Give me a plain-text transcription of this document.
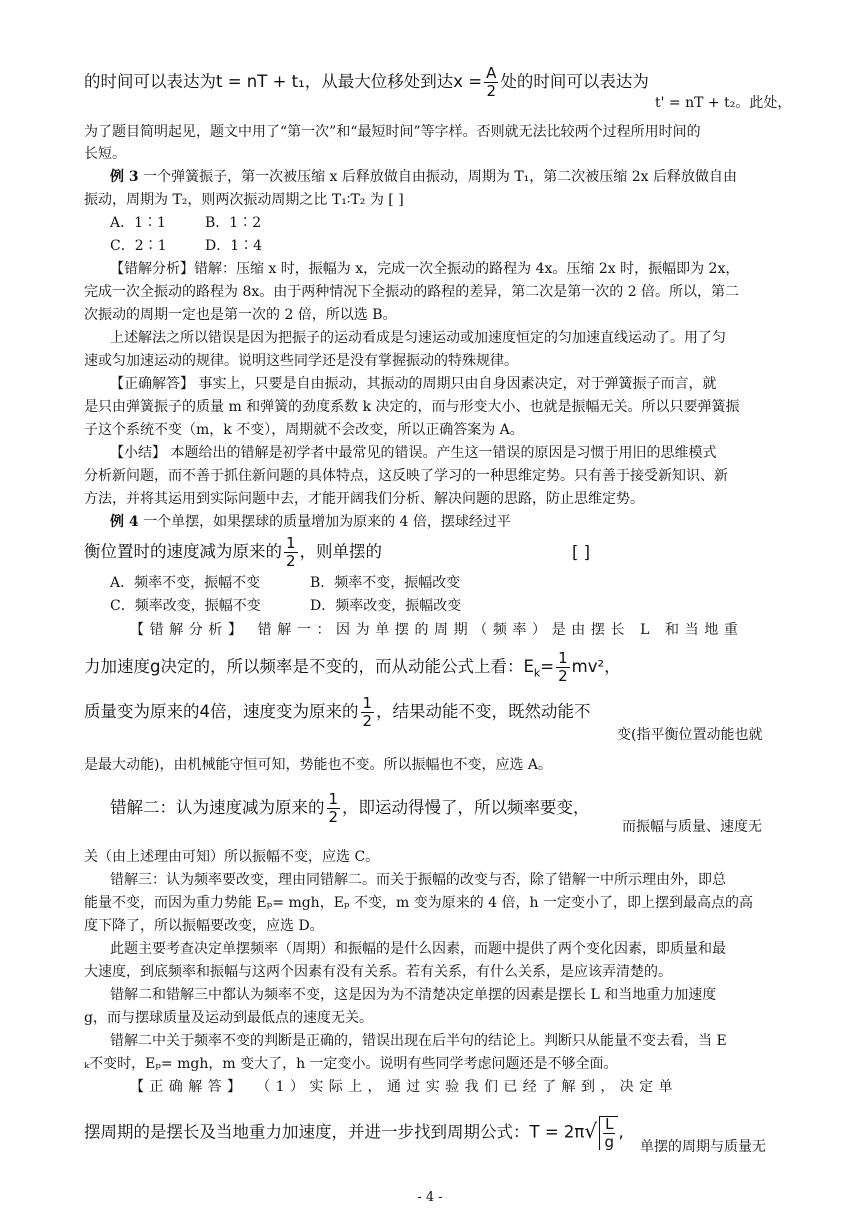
的时间可以表达为t = nT + t₁，从最大位移处到达$x = \frac{A}{2}$ 处的时间可以表达为
t' = nT + t₂。此处，
为了题目简明起见，题文中用了“第一次”和“最短时间”等字样。否则就无法比较两个过程所用时间的
长短。
例 3 一个弹簧振子，第一次被压缩 x 后释放做自由振动，周期为 T₁，第二次被压缩 2x 后释放做自由
振动，周期为 T₂，则两次振动周期之比 T₁∶T₂ 为 [ ]
A．1∶1	B．1∶2
C．2∶1	D．1∶4
【错解分析】错解：压缩 x 时，振幅为 x，完成一次全振动的路程为 4x。压缩 2x 时，振幅即为 2x，
完成一次全振动的路程为 8x。由于两种情况下全振动的路程的差异，第二次是第一次的 2 倍。所以，第二
次振动的周期一定也是第一次的 2 倍，所以选 B。
上述解法之所以错误是因为把振子的运动看成是匀速运动或加速度恒定的匀加速直线运动了。用了匀
速或匀加速运动的规律。说明这些同学还是没有掌握振动的特殊规律。
【正确解答】 事实上，只要是自由振动，其振动的周期只由自身因素决定，对于弹簧振子而言，就
是只由弹簧振子的质量 m 和弹簧的劲度系数 k 决定的，而与形变大小、也就是振幅无关。所以只要弹簧振
子这个系统不变（m，k 不变），周期就不会改变，所以正确答案为 A。
【小结】 本题给出的错解是初学者中最常见的错误。产生这一错误的原因是习惯于用旧的思维模式
分析新问题，而不善于抓住新问题的具体特点，这反映了学习的一种思维定势。只有善于接受新知识、新
方法，并将其运用到实际问题中去，才能开阔我们分析、解决问题的思路，防止思维定势。
例 4 一个单摆，如果摆球的质量增加为原来的 4 倍，摆球经过平
衡位置时的速度减为原来的 $\frac{1}{2}$ ，则单摆的	[ ]
A．频率不变，振幅不变	B．频率不变，振幅改变
C．频率改变，振幅不变	D．频率改变，振幅改变
【错解分析】 错解一：因为单摆的周期（频率）是由摆长 L 和当地重
力加速度g决定的，所以频率是不变的，而从动能公式上看：$E_k= \frac{1}{2} mv^2$，
质量变为原来的4倍，速度变为原来的 $\frac{1}{2}$ ，结果动能不变，既然动能不
变(指平衡位置动能也就
是最大动能)，由机械能守恒可知，势能也不变。所以振幅也不变，应选 A。
错解二：认为速度减为原来的 $\frac{1}{2}$ ，即运动得慢了，所以频率要变，
而振幅与质量、速度无
关（由上述理由可知）所以振幅不变，应选 C。
错解三：认为频率要改变，理由同错解二。而关于振幅的改变与否，除了错解一中所示理由外，即总
能量不变，而因为重力势能 Eₚ= mgh，Eₚ 不变，m 变为原来的 4 倍，h 一定变小了，即上摆到最高点的高
度下降了，所以振幅要改变，应选 D。
此题主要考查决定单摆频率（周期）和振幅的是什么因素，而题中提供了两个变化因素，即质量和最
大速度，到底频率和振幅与这两个因素有没有关系。若有关系，有什么关系，是应该弄清楚的。
错解二和错解三中都认为频率不变，这是因为为不清楚决定单摆的因素是摆长 L 和当地重力加速度
g，而与摆球质量及运动到最低点的速度无关。
错解二中关于频率不变的判断是正确的，错误出现在后半句的结论上。判断只从能量不变去看，当 E
ₖ不变时，Eₚ= mgh，m 变大了，h 一定变小。说明有些同学考虑问题还是不够全面。
【正确解答】 （1）实际上，通过实验我们已经了解到，决定单
摆周期的是摆长及当地重力加速度，并进一步找到周期公式：$T = 2\pi√ \frac{L}{g}$ ,
单摆的周期与质量无
- 4 -
